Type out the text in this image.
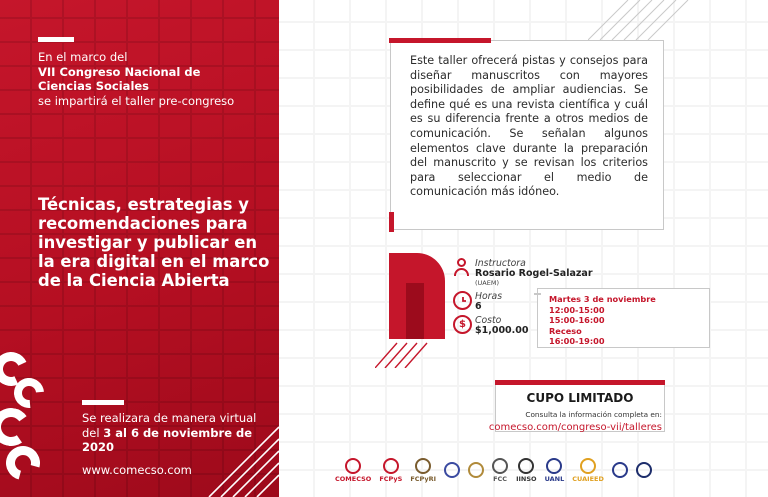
En el marco del
VII Congreso Nacional de Ciencias Sociales
se impartirá el taller pre-congreso
Técnicas, estrategias y recomendaciones para investigar y publicar en la era digital en el marco de la Ciencia Abierta
Se realizara de manera virtual del 3 al 6 de noviembre de 2020
www.comecso.com
Este taller ofrecerá pistas y consejos para diseñar manuscritos con mayores posibilidades de ampliar audiencias. Se define qué es una revista científica y cuál es su diferencia frente a otros medios de comunicación. Se señalan algunos elementos clave durante la preparación del manuscrito y se revisan los criterios para seleccionar el medio de comunicación más idóneo.
Instructora
Rosario Rogel-Salazar
(UAEM)
Horas
6
$ Costo
$1,000.00
Martes 3 de noviembre
12:00-15:00
15:00-16:00
Receso
16:00-19:00
CUPO LIMITADO
Consulta la información completa en:
comecso.com/congreso-vii/talleres
COMECSO FCPyS FCPyRI	FCC IINSO UANL CUAIEED
